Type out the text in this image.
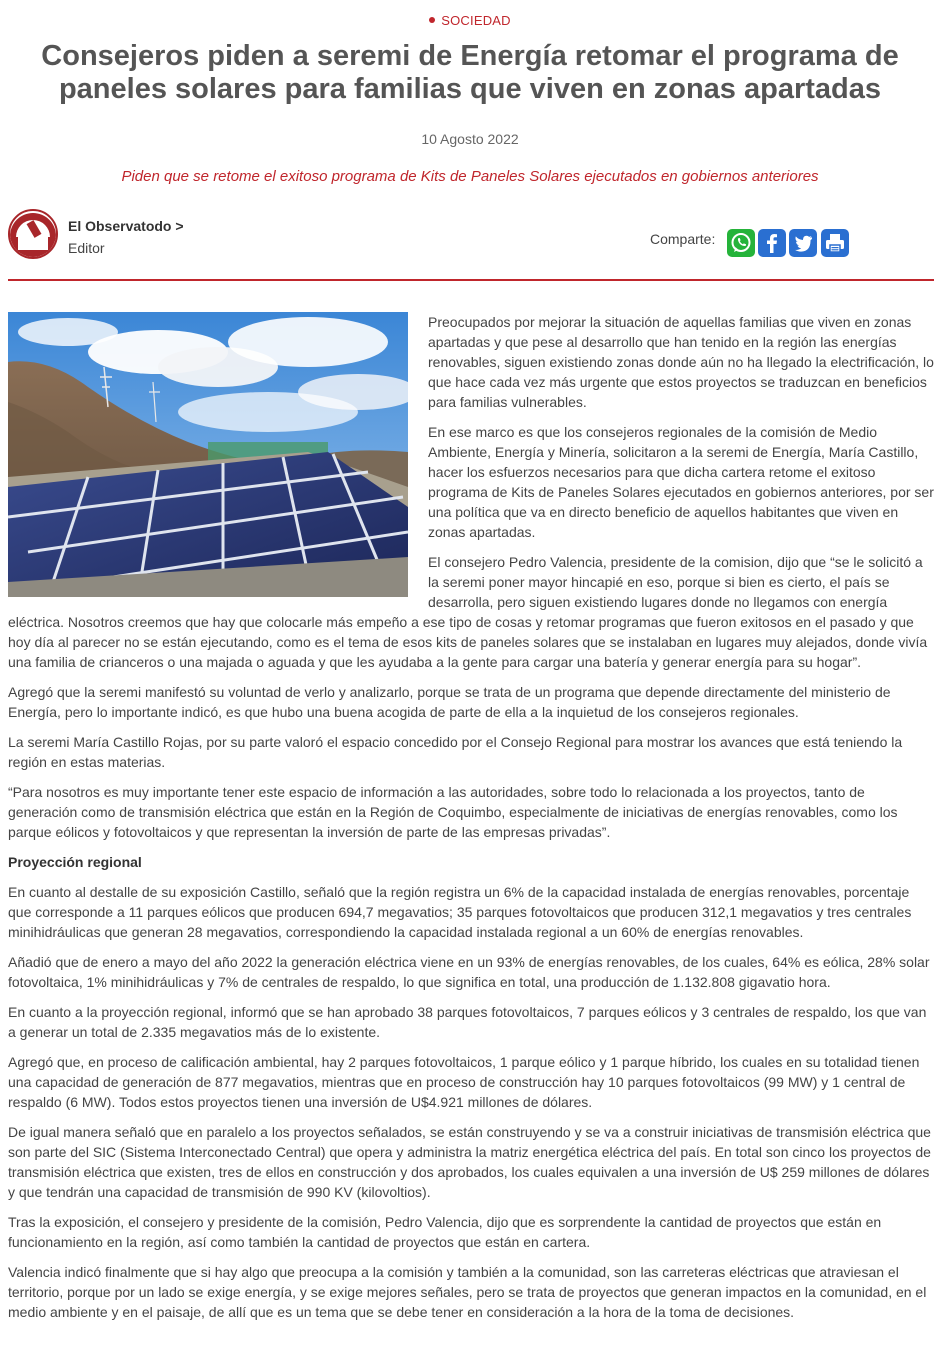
SOCIEDAD
Consejeros piden a seremi de Energía retomar el programa de paneles solares para familias que viven en zonas apartadas
10 Agosto 2022
Piden que se retome el exitoso programa de Kits de Paneles Solares ejecutados en gobiernos anteriores
El Observatodo >
Editor
Comparte:

Preocupados por mejorar la situación de aquellas familias que viven en zonas apartadas y que pese al desarrollo que han tenido en la región las energías renovables, siguen existiendo zonas donde aún no ha llegado la electrificación, lo que hace cada vez más urgente que estos proyectos se traduzcan en beneficios para familias vulnerables.

En ese marco es que los consejeros regionales de la comisión de Medio Ambiente, Energía y Minería, solicitaron a la seremi de Energía, María Castillo, hacer los esfuerzos necesarios para que dicha cartera retome el exitoso programa de Kits de Paneles Solares ejecutados en gobiernos anteriores, por ser una política que va en directo beneficio de aquellos habitantes que viven en zonas apartadas.

El consejero Pedro Valencia, presidente de la comision, dijo que “se le solicitó a la seremi poner mayor hincapié en eso, porque si bien es cierto, el país se desarrolla, pero siguen existiendo lugares donde no llegamos con energía eléctrica. Nosotros creemos que hay que colocarle más empeño a ese tipo de cosas y retomar programas que fueron exitosos en el pasado y que hoy día al parecer no se están ejecutando, como es el tema de esos kits de paneles solares que se instalaban en lugares muy alejados, donde vivía una familia de crianceros o una majada o aguada y que les ayudaba a la gente para cargar una batería y generar energía para su hogar”.

Agregó que la seremi manifestó su voluntad de verlo y analizarlo, porque se trata de un programa que depende directamente del ministerio de Energía, pero lo importante indicó, es que hubo una buena acogida de parte de ella a la inquietud de los consejeros regionales.

La seremi María Castillo Rojas, por su parte valoró el espacio concedido por el Consejo Regional para mostrar los avances que está teniendo la región en estas materias.

“Para nosotros es muy importante tener este espacio de información a las autoridades, sobre todo lo relacionada a los proyectos, tanto de generación como de transmisión eléctrica que están en la Región de Coquimbo, especialmente de iniciativas de energías renovables, como los parque eólicos y fotovoltaicos y que representan la inversión de parte de las empresas privadas”.

Proyección regional

En cuanto al destalle de su exposición Castillo, señaló que la región registra un 6% de la capacidad instalada de energías renovables, porcentaje que corresponde a 11 parques eólicos que producen 694,7 megavatios; 35 parques fotovoltaicos que producen 312,1 megavatios y tres centrales minihidráulicas que generan 28 megavatios, correspondiendo la capacidad instalada regional a un 60% de energías renovables.

Añadió que de enero a mayo del año 2022 la generación eléctrica viene en un 93% de energías renovables, de los cuales, 64% es eólica, 28% solar fotovoltaica, 1% minihidráulicas y 7% de centrales de respaldo, lo que significa en total, una producción de 1.132.808 gigavatio hora.

En cuanto a la proyección regional, informó que se han aprobado 38 parques fotovoltaicos, 7 parques eólicos y 3 centrales de respaldo, los que van a generar un total de 2.335 megavatios más de lo existente.

Agregó que, en proceso de calificación ambiental, hay 2 parques fotovoltaicos, 1 parque eólico y 1 parque híbrido, los cuales en su totalidad tienen una capacidad de generación de 877 megavatios, mientras que en proceso de construcción hay 10 parques fotovoltaicos (99 MW) y 1 central de respaldo (6 MW). Todos estos proyectos tienen una inversión de U$4.921 millones de dólares.

De igual manera señaló que en paralelo a los proyectos señalados, se están construyendo y se va a construir iniciativas de transmisión eléctrica que son parte del SIC (Sistema Interconectado Central) que opera y administra la matriz energética eléctrica del país. En total son cinco los proyectos de transmisión eléctrica que existen, tres de ellos en construcción y dos aprobados, los cuales equivalen a una inversión de U$ 259 millones de dólares y que tendrán una capacidad de transmisión de 990 KV (kilovoltios).

Tras la exposición, el consejero y presidente de la comisión, Pedro Valencia, dijo que es sorprendente la cantidad de proyectos que están en funcionamiento en la región, así como también la cantidad de proyectos que están en cartera.

Valencia indicó finalmente que si hay algo que preocupa a la comisión y también a la comunidad, son las carreteras eléctricas que atraviesan el territorio, porque por un lado se exige energía, y se exige mejores señales, pero se trata de proyectos que generan impactos en la comunidad, en el medio ambiente y en el paisaje, de allí que es un tema que se debe tener en consideración a la hora de la toma de decisiones.
